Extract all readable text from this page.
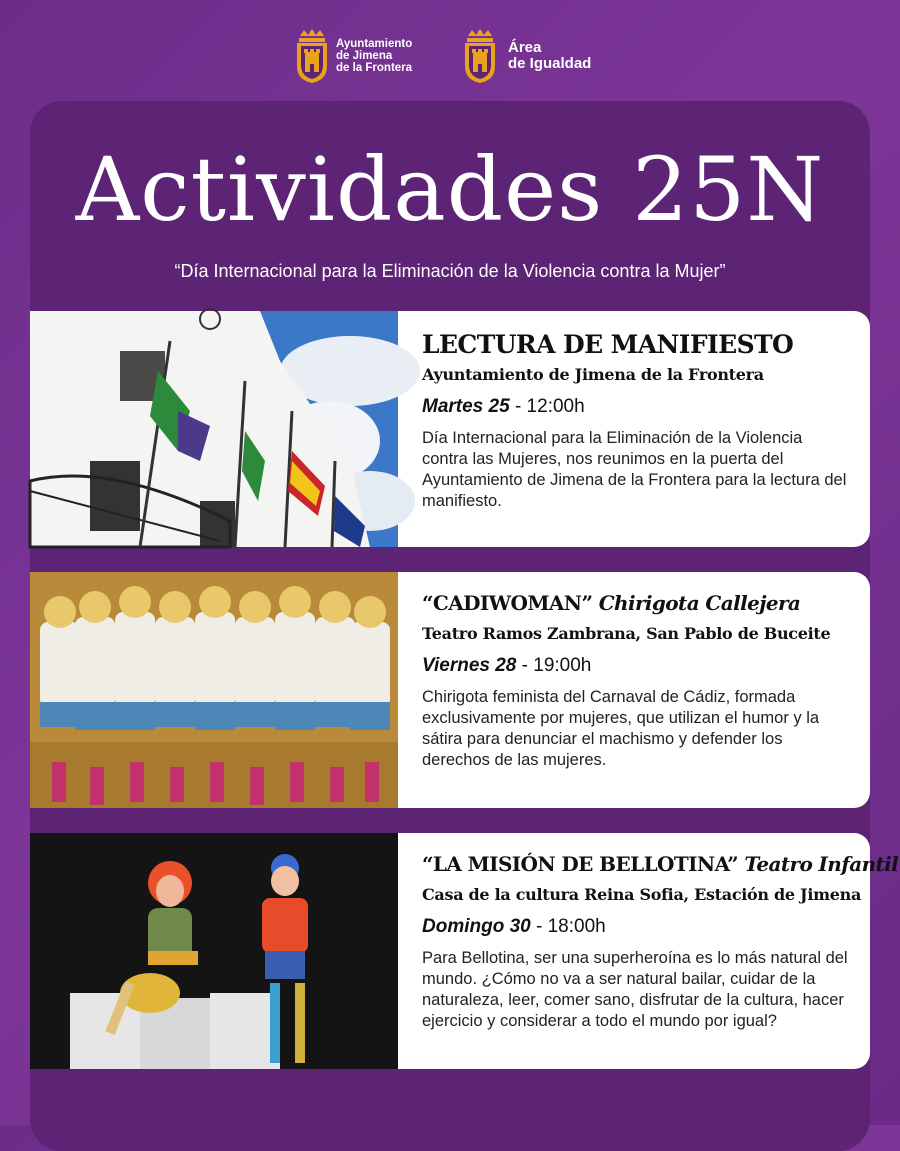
Ayuntamiento
de Jimena
de la Frontera
Área
de Igualdad
Actividades 25N
“Día Internacional para la Eliminación de la Violencia contra la Mujer”
LECTURA DE MANIFIESTO
Ayuntamiento de Jimena de la Frontera
Martes 25 - 12:00h
Día Internacional para la Eliminación de la Violencia contra las Mujeres, nos reunimos en la puerta del Ayuntamiento de Jimena de la Frontera para la lectura del manifiesto.
“CADIWOMAN” Chirigota Callejera
Teatro Ramos Zambrana, San Pablo de Buceite
Viernes 28 - 19:00h
Chirigota feminista del Carnaval de Cádiz, formada exclusivamente por mujeres, que utilizan el humor y la sátira para denunciar el machismo y defender los derechos de las mujeres.
“LA MISIÓN DE BELLOTINA” Teatro Infantil
Casa de la cultura Reina Sofia, Estación de Jimena
Domingo 30 - 18:00h
Para Bellotina, ser una superheroína es lo más natural del mundo. ¿Cómo no va a ser natural bailar, cuidar de la naturaleza, leer, comer sano, disfrutar de la cultura, hacer ejercicio y considerar a todo el mundo por igual?
